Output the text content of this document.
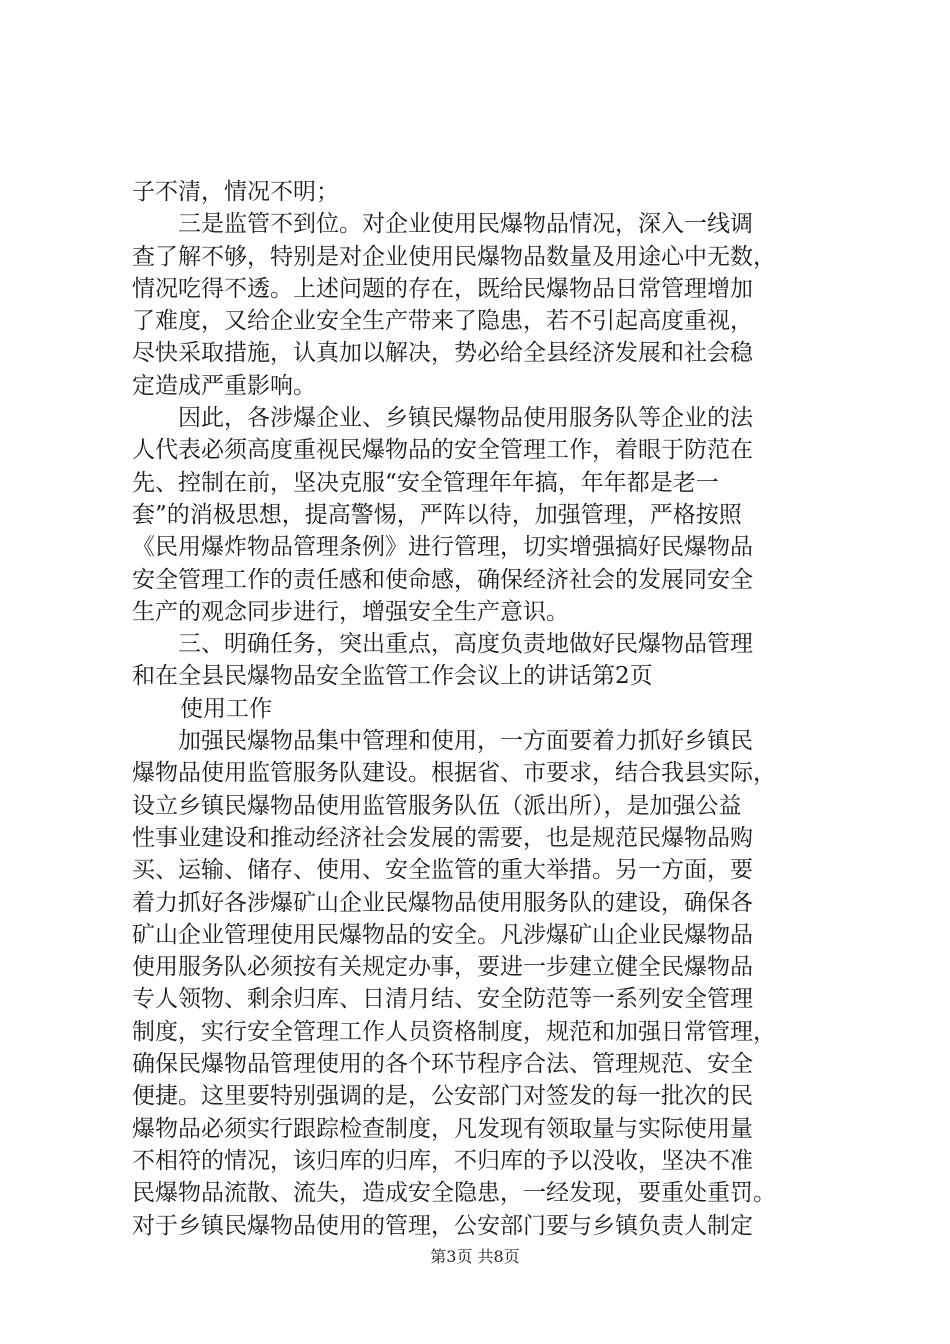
子不清，情况不明；
三是监管不到位。对企业使用民爆物品情况，深入一线调
查了解不够，特别是对企业使用民爆物品数量及用途心中无数，
情况吃得不透。上述问题的存在，既给民爆物品日常管理增加
了难度，又给企业安全生产带来了隐患，若不引起高度重视，
尽快采取措施，认真加以解决，势必给全县经济发展和社会稳
定造成严重影响。
因此，各涉爆企业、乡镇民爆物品使用服务队等企业的法
人代表必须高度重视民爆物品的安全管理工作，着眼于防范在
先、控制在前，坚决克服“安全管理年年搞，年年都是老一
套”的消极思想，提高警惕，严阵以待，加强管理，严格按照
《民用爆炸物品管理条例》进行管理，切实增强搞好民爆物品
安全管理工作的责任感和使命感，确保经济社会的发展同安全
生产的观念同步进行，增强安全生产意识。
三、明确任务，突出重点，高度负责地做好民爆物品管理
和在全县民爆物品安全监管工作会议上的讲话第2页
使用工作
加强民爆物品集中管理和使用，一方面要着力抓好乡镇民
爆物品使用监管服务队建设。根据省、市要求，结合我县实际，
设立乡镇民爆物品使用监管服务队伍（派出所），是加强公益
性事业建设和推动经济社会发展的需要，也是规范民爆物品购
买、运输、储存、使用、安全监管的重大举措。另一方面，要
着力抓好各涉爆矿山企业民爆物品使用服务队的建设，确保各
矿山企业管理使用民爆物品的安全。凡涉爆矿山企业民爆物品
使用服务队必须按有关规定办事，要进一步建立健全民爆物品
专人领物、剩余归库、日清月结、安全防范等一系列安全管理
制度，实行安全管理工作人员资格制度，规范和加强日常管理，
确保民爆物品管理使用的各个环节程序合法、管理规范、安全
便捷。这里要特别强调的是，公安部门对签发的每一批次的民
爆物品必须实行跟踪检查制度，凡发现有领取量与实际使用量
不相符的情况，该归库的归库，不归库的予以没收，坚决不准
民爆物品流散、流失，造成安全隐患，一经发现，要重处重罚。
对于乡镇民爆物品使用的管理，公安部门要与乡镇负责人制定
第3页 共8页
